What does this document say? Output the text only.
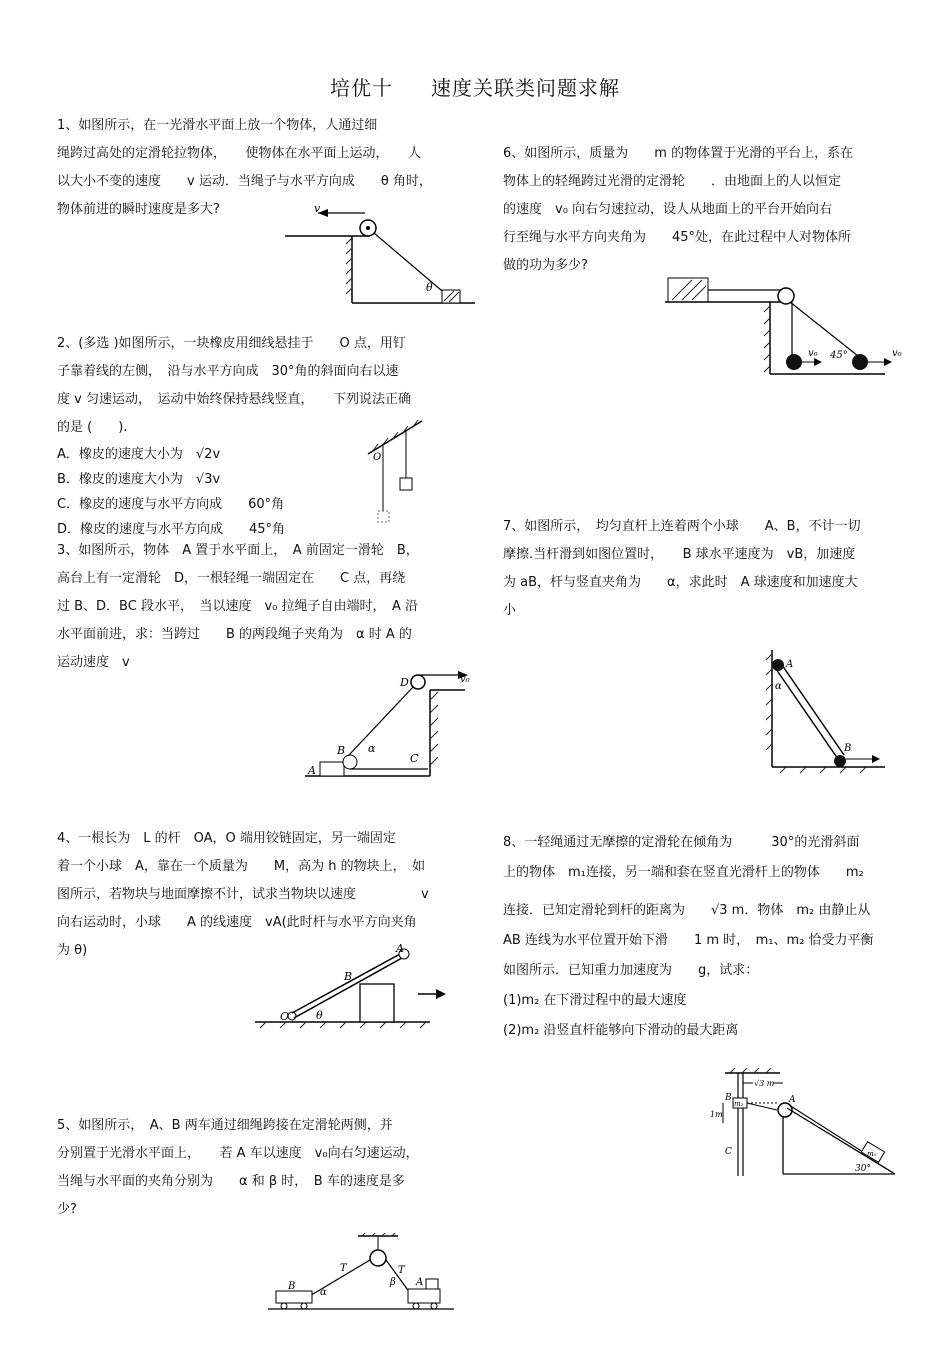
培优十 速度关联类问题求解

1、如图所示，在一光滑水平面上放一个物体，人通过细

绳跨过高处的定滑轮拉物体，　　使物体在水平面上运动，　　人

以大小不变的速度　　v 运动．当绳子与水平方向成　　θ 角时，

物体前进的瞬时速度是多大?	v
θ

2、(多选 )如图所示，一块橡皮用细线悬挂于　　O 点，用钉

子靠着线的左侧，　沿与水平方向成　30°角的斜面向右以速

度 v 匀速运动，　运动中始终保持悬线竖直，　　下列说法正确

的是 (　　).

A．橡皮的速度大小为　√2v

B．橡皮的速度大小为　√3v

C．橡皮的速度与水平方向成　　60°角

D．橡皮的速度与水平方向成　　45°角

O

3、如图所示，物体　A 置于水平面上，　A 前固定一滑轮　B，

高台上有一定滑轮　D，一根轻绳一端固定在　　C 点，再绕

过 B、D．BC 段水平，　当以速度　v₀ 拉绳子自由端时，　A 沿

水平面前进，求：当跨过　　B 的两段绳子夹角为　α 时 A 的

运动速度　v

A
B
C
D
α
v₀

4、一根长为　L 的杆　OA，O 端用铰链固定，另一端固定

着一个小球　A，靠在一个质量为　　M，高为 h 的物块上，　如

图所示，若物块与地面摩擦不计，试求当物块以速度　　　　　v

向右运动时，小球　　A 的线速度　vA(此时杆与水平方向夹角

为 θ)

O
A
B
θ

5、如图所示，　A、B 两车通过细绳跨接在定滑轮两侧，并

分别置于光滑水平面上，　　若 A 车以速度　v₀向右匀速运动，

当绳与水平面的夹角分别为　　α 和 β 时，　B 车的速度是多

少?

B	A
T	T
α
β

6、如图所示，质量为　　m 的物体置于光滑的平台上，系在

物体上的轻绳跨过光滑的定滑轮　　．由地面上的人以恒定

的速度　v₀ 向右匀速拉动，设人从地面上的平台开始向右

行至绳与水平方向夹角为　　45°处，在此过程中人对物体所

做的功为多少?

v₀	v₀
45°

7、如图所示，　均匀直杆上连着两个小球　　A、B，不计一切

摩擦.当杆滑到如图位置时，　　B 球水平速度为　vB，加速度

为 aB，杆与竖直夹角为　　α，求此时　A 球速度和加速度大

小

A
B
α

8、一轻绳通过无摩擦的定滑轮在倾角为　　　30°的光滑斜面

上的物体　m₁连接，另一端和套在竖直光滑杆上的物体　　m₂

连接．已知定滑轮到杆的距离为　　√3 m．物体　m₂ 由静止从

AB 连线为水平位置开始下滑　　1 m 时，　m₁、m₂ 恰受力平衡

如图所示．已知重力加速度为　　g，试求：

(1)m₂ 在下滑过程中的最大速度

(2)m₂ 沿竖直杆能够向下滑动的最大距离

B
C
A
√3 m
1m
m₂
m₁
30°
